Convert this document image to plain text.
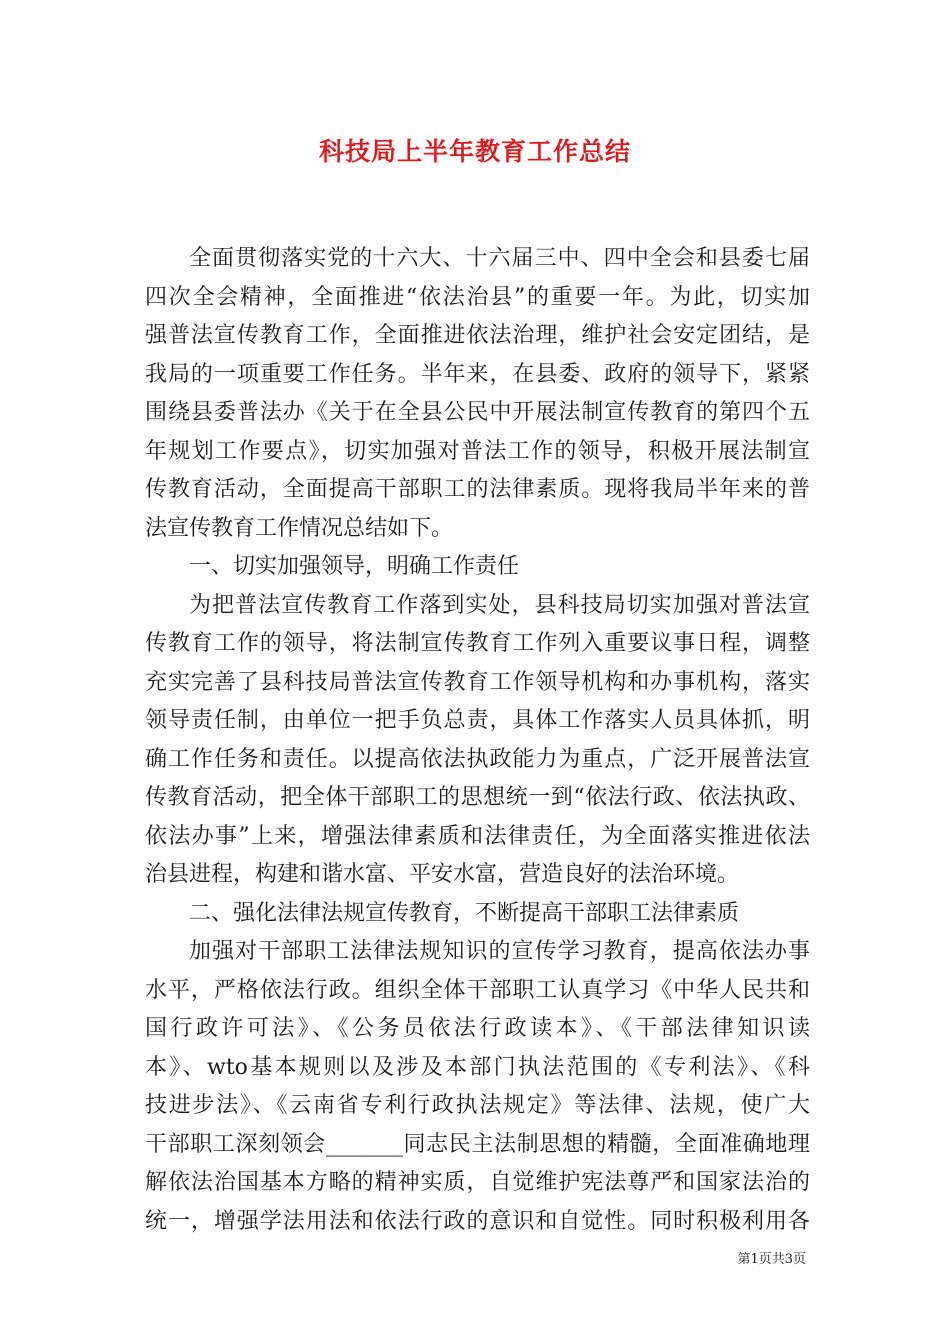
科技局上半年教育工作总结
全面贯彻落实党的十六大、十六届三中、四中全会和县委七届
四次全会精神，全面推进“依法治县”的重要一年。为此，切实加
强普法宣传教育工作，全面推进依法治理，维护社会安定团结，是
我局的一项重要工作任务。半年来，在县委、政府的领导下，紧紧
围绕县委普法办《关于在全县公民中开展法制宣传教育的第四个五
年规划工作要点》，切实加强对普法工作的领导，积极开展法制宣
传教育活动，全面提高干部职工的法律素质。现将我局半年来的普
法宣传教育工作情况总结如下。
一、切实加强领导，明确工作责任
为把普法宣传教育工作落到实处，县科技局切实加强对普法宣
传教育工作的领导，将法制宣传教育工作列入重要议事日程，调整
充实完善了县科技局普法宣传教育工作领导机构和办事机构，落实
领导责任制，由单位一把手负总责，具体工作落实人员具体抓，明
确工作任务和责任。以提高依法执政能力为重点，广泛开展普法宣
传教育活动，把全体干部职工的思想统一到“依法行政、依法执政、
依法办事”上来，增强法律素质和法律责任，为全面落实推进依法
治县进程，构建和谐水富、平安水富，营造良好的法治环境。
二、强化法律法规宣传教育，不断提高干部职工法律素质
加强对干部职工法律法规知识的宣传学习教育，提高依法办事
水平，严格依法行政。组织全体干部职工认真学习《中华人民共和
国行政许可法》、《公务员依法行政读本》、《干部法律知识读
本》、wto基本规则以及涉及本部门执法范围的《专利法》、《科
技进步法》、《云南省专利行政执法规定》等法律、法规，使广大
干部职工深刻领会_______同志民主法制思想的精髓，全面准确地理
解依法治国基本方略的精神实质，自觉维护宪法尊严和国家法治的
统一，增强学法用法和依法行政的意识和自觉性。同时积极利用各
第1页共3页
